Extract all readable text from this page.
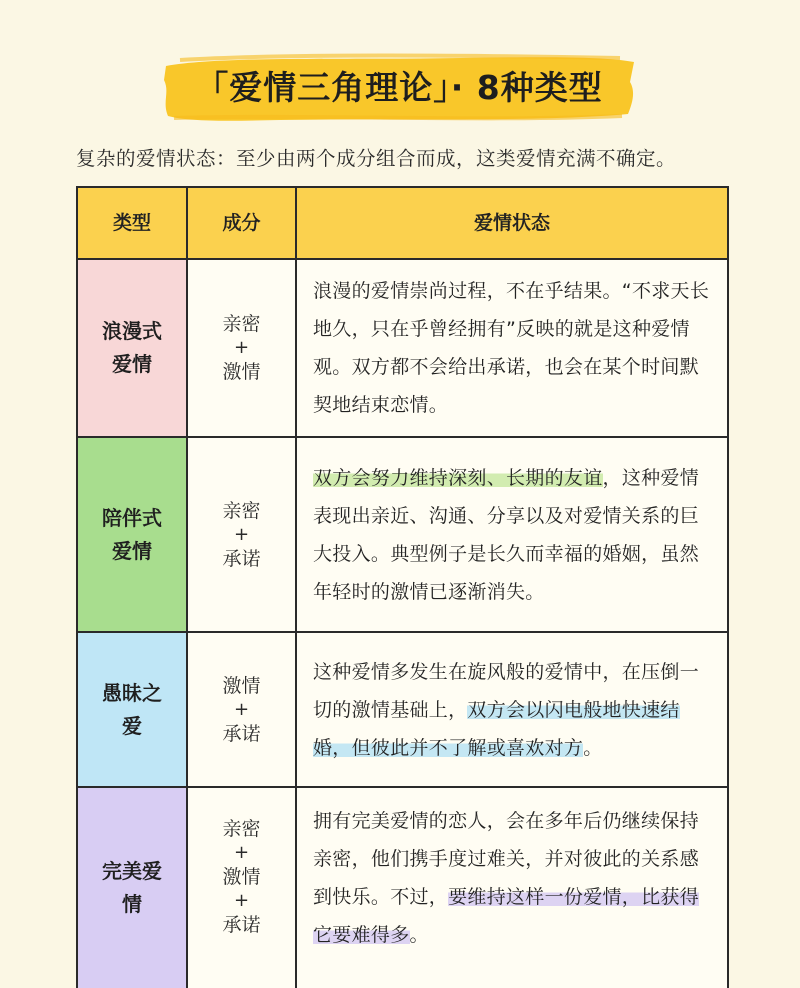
「爱情三角理论」· 8种类型
复杂的爱情状态：至少由两个成分组合而成，这类爱情充满不确定。
类型	成分	爱情状态
浪漫式爱情
亲密
+
激情
浪漫的爱情崇尚过程，不在乎结果。“不求天长地久，只在乎曾经拥有”反映的就是这种爱情观。双方都不会给出承诺，也会在某个时间默契地结束恋情。
陪伴式爱情
亲密
+
承诺
双方会努力维持深刻、长期的友谊，这种爱情表现出亲近、沟通、分享以及对爱情关系的巨大投入。典型例子是长久而幸福的婚姻，虽然年轻时的激情已逐渐消失。
愚昧之爱
激情
+
承诺
这种爱情多发生在旋风般的爱情中，在压倒一切的激情基础上，双方会以闪电般地快速结婚，但彼此并不了解或喜欢对方。
完美爱情
亲密
+
激情
+
承诺
拥有完美爱情的恋人，会在多年后仍继续保持亲密，他们携手度过难关，并对彼此的关系感到快乐。不过，要维持这样一份爱情，比获得它要难得多。
